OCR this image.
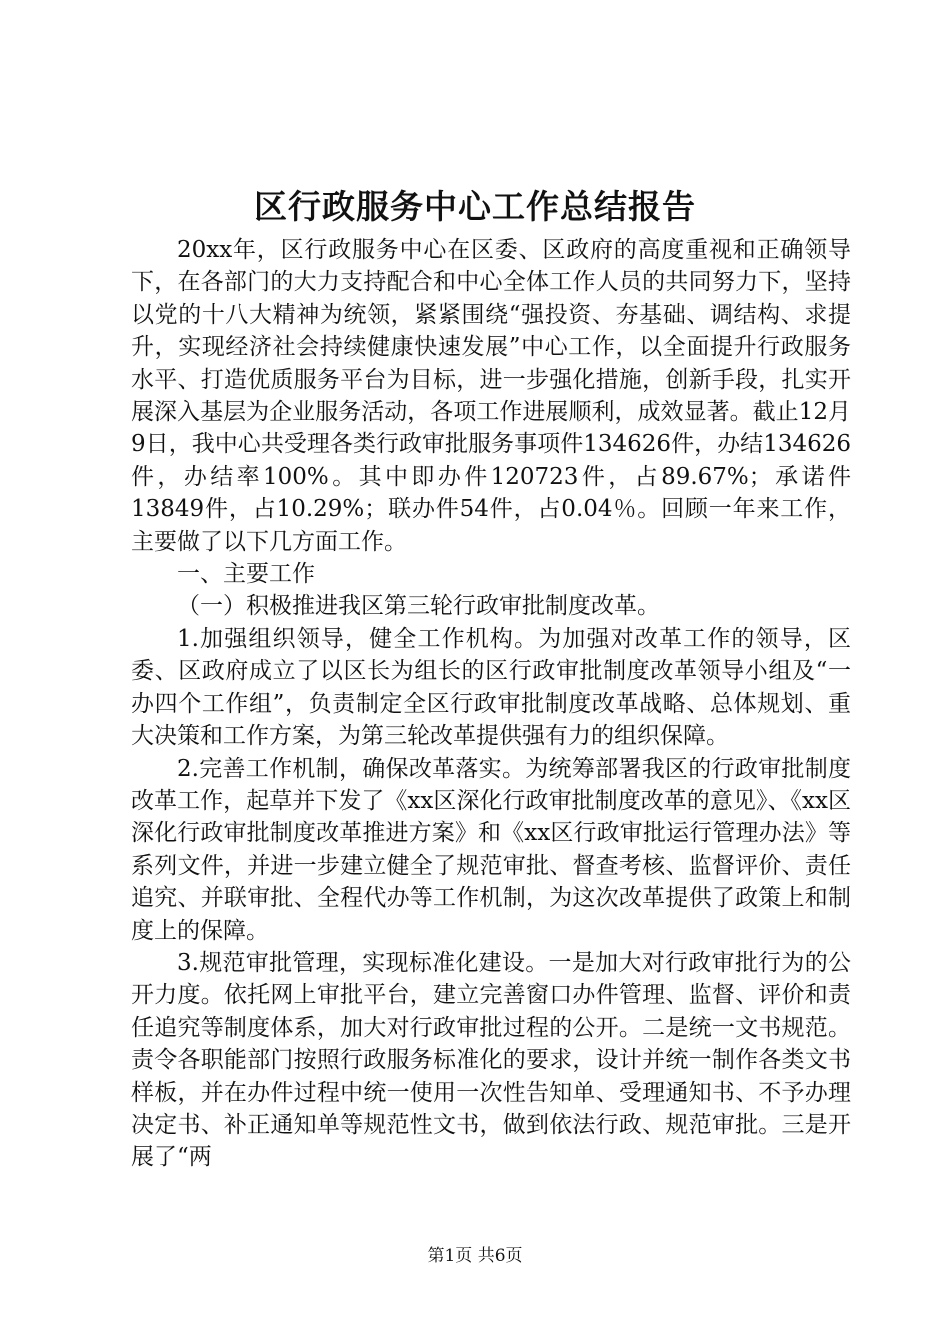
区行政服务中心工作总结报告

20xx年，区行政服务中心在区委、区政府的高度重视和正确领导下，在各部门的大力支持配合和中心全体工作人员的共同努力下，坚持以党的十八大精神为统领，紧紧围绕“强投资、夯基础、调结构、求提升，实现经济社会持续健康快速发展”中心工作，以全面提升行政服务水平、打造优质服务平台为目标，进一步强化措施，创新手段，扎实开展深入基层为企业服务活动，各项工作进展顺利，成效显著。截止12月9日，我中心共受理各类行政审批服务事项件134626件，办结134626件，办结率100%。其中即办件120723件，占89.67%；承诺件13849件，占10.29%；联办件54件，占0.04％。回顾一年来工作，主要做了以下几方面工作。

一、主要工作

（一）积极推进我区第三轮行政审批制度改革。

1.加强组织领导，健全工作机构。为加强对改革工作的领导，区委、区政府成立了以区长为组长的区行政审批制度改革领导小组及“一办四个工作组”，负责制定全区行政审批制度改革战略、总体规划、重大决策和工作方案，为第三轮改革提供强有力的组织保障。

2.完善工作机制，确保改革落实。为统筹部署我区的行政审批制度改革工作，起草并下发了《xx区深化行政审批制度改革的意见》、《xx区深化行政审批制度改革推进方案》和《xx区行政审批运行管理办法》等系列文件，并进一步建立健全了规范审批、督查考核、监督评价、责任追究、并联审批、全程代办等工作机制，为这次改革提供了政策上和制度上的保障。

3.规范审批管理，实现标准化建设。一是加大对行政审批行为的公开力度。依托网上审批平台，建立完善窗口办件管理、监督、评价和责任追究等制度体系，加大对行政审批过程的公开。二是统一文书规范。责令各职能部门按照行政服务标准化的要求，设计并统一制作各类文书样板，并在办件过程中统一使用一次性告知单、受理通知书、不予办理决定书、补正通知单等规范性文书，做到依法行政、规范审批。三是开展了“两

第1页 共6页
